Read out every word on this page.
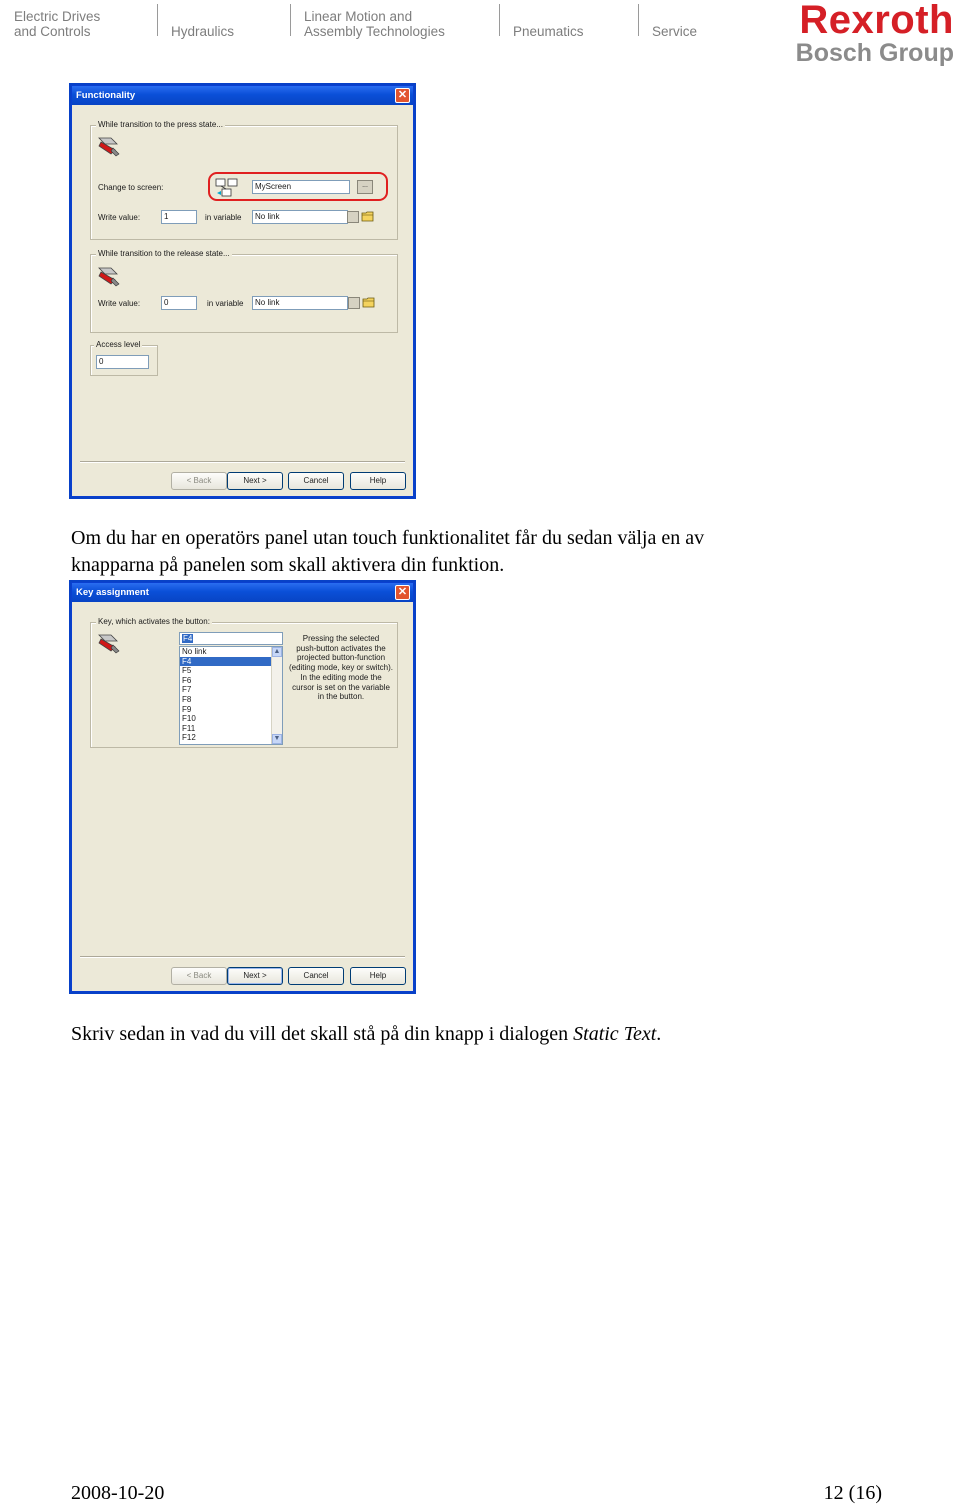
Electric Drives
and Controls	Hydraulics
Linear Motion and
Assembly Technologies	Pneumatics	Service	Rexroth
Bosch Group
Functionality	✕
While transition to the press state...
Change to screen:	MyScreen	...
Write value:	1	in variable	No link
While transition to the release state...
Write value:	0	in variable	No link
Access level
0
< Back	Next >	Cancel	Help
Om du har en operatörs panel utan touch funktionalitet får du sedan välja en av
knapparna på panelen som skall aktivera din funktion.
Key assignment	✕
Key, which activates the button:
F4
No link
F4
F5
F6
F7
F8
F9
F10
F11
F12
▲
▼
Pressing the selected
push-button activates the
projected button-function
(editing mode, key or switch).
In the editing mode the
cursor is set on the variable
in the button.
< Back	Next >	Cancel	Help
Skriv sedan in vad du vill det skall stå på din knapp i dialogen Static Text.
2008-10-20	12 (16)
